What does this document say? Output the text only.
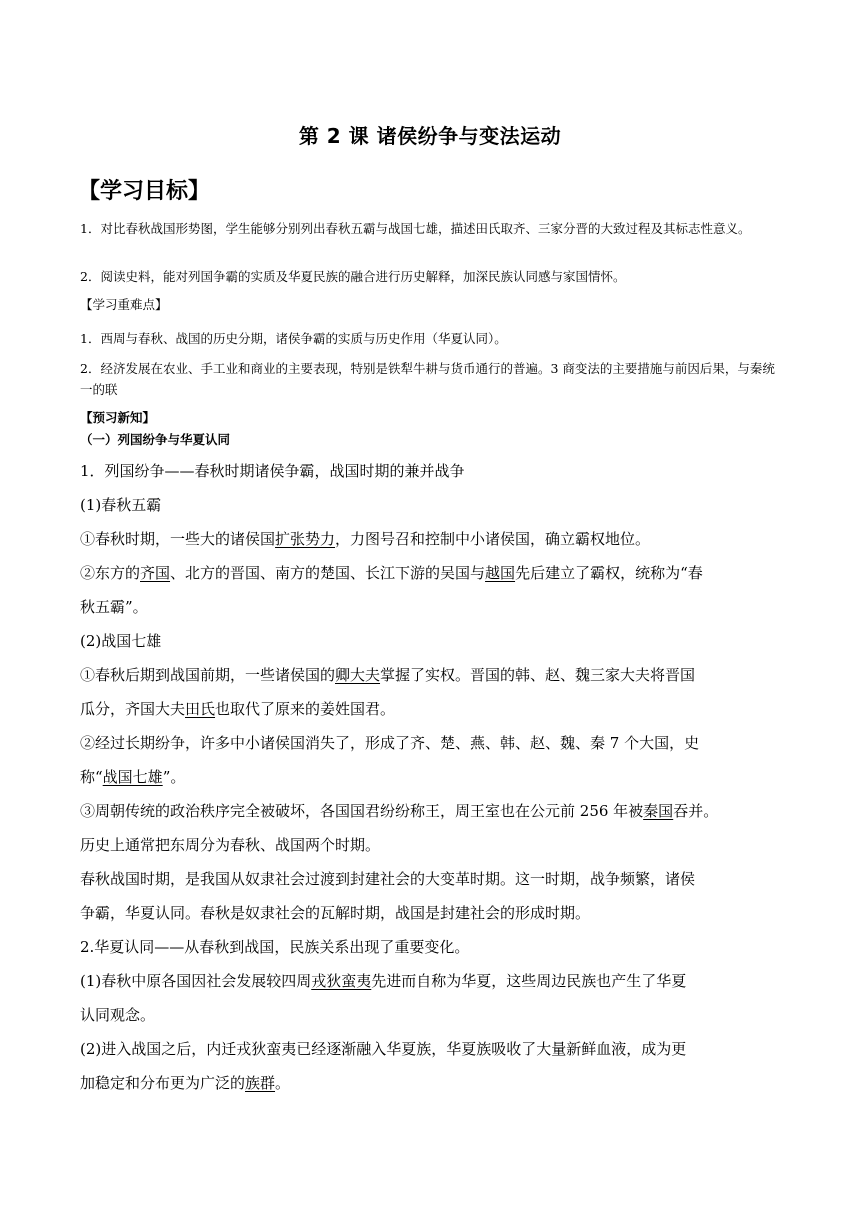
第 2 课 诸侯纷争与变法运动
【学习目标】
1．对比春秋战国形势图，学生能够分别列出春秋五霸与战国七雄，描述田氏取齐、三家分晋的大致过程及其标志性意义。
2．阅读史料，能对列国争霸的实质及华夏民族的融合进行历史解释，加深民族认同感与家国情怀。
【学习重难点】
1．西周与春秋、战国的历史分期，诸侯争霸的实质与历史作用（华夏认同）。
2．经济发展在农业、手工业和商业的主要表现，特别是铁犁牛耕与货币通行的普遍。3 商变法的主要措施与前因后果，与秦统一的联
【预习新知】
（一）列国纷争与华夏认同
1．列国纷争——春秋时期诸侯争霸，战国时期的兼并战争
(1)春秋五霸
①春秋时期，一些大的诸侯国扩张势力，力图号召和控制中小诸侯国，确立霸权地位。
②东方的齐国、北方的晋国、南方的楚国、长江下游的吴国与越国先后建立了霸权，统称为“春
秋五霸”。
(2)战国七雄
①春秋后期到战国前期，一些诸侯国的卿大夫掌握了实权。晋国的韩、赵、魏三家大夫将晋国
瓜分，齐国大夫田氏也取代了原来的姜姓国君。
②经过长期纷争，许多中小诸侯国消失了，形成了齐、楚、燕、韩、赵、魏、秦 7 个大国，史
称“战国七雄”。
③周朝传统的政治秩序完全被破坏，各国国君纷纷称王，周王室也在公元前 256 年被秦国吞并。
历史上通常把东周分为春秋、战国两个时期。
春秋战国时期，是我国从奴隶社会过渡到封建社会的大变革时期。这一时期，战争频繁，诸侯
争霸，华夏认同。春秋是奴隶社会的瓦解时期，战国是封建社会的形成时期。
2.华夏认同——从春秋到战国，民族关系出现了重要变化。
(1)春秋中原各国因社会发展较四周戎狄蛮夷先进而自称为华夏，这些周边民族也产生了华夏
认同观念。
(2)进入战国之后，内迁戎狄蛮夷已经逐渐融入华夏族，华夏族吸收了大量新鲜血液，成为更
加稳定和分布更为广泛的族群。
